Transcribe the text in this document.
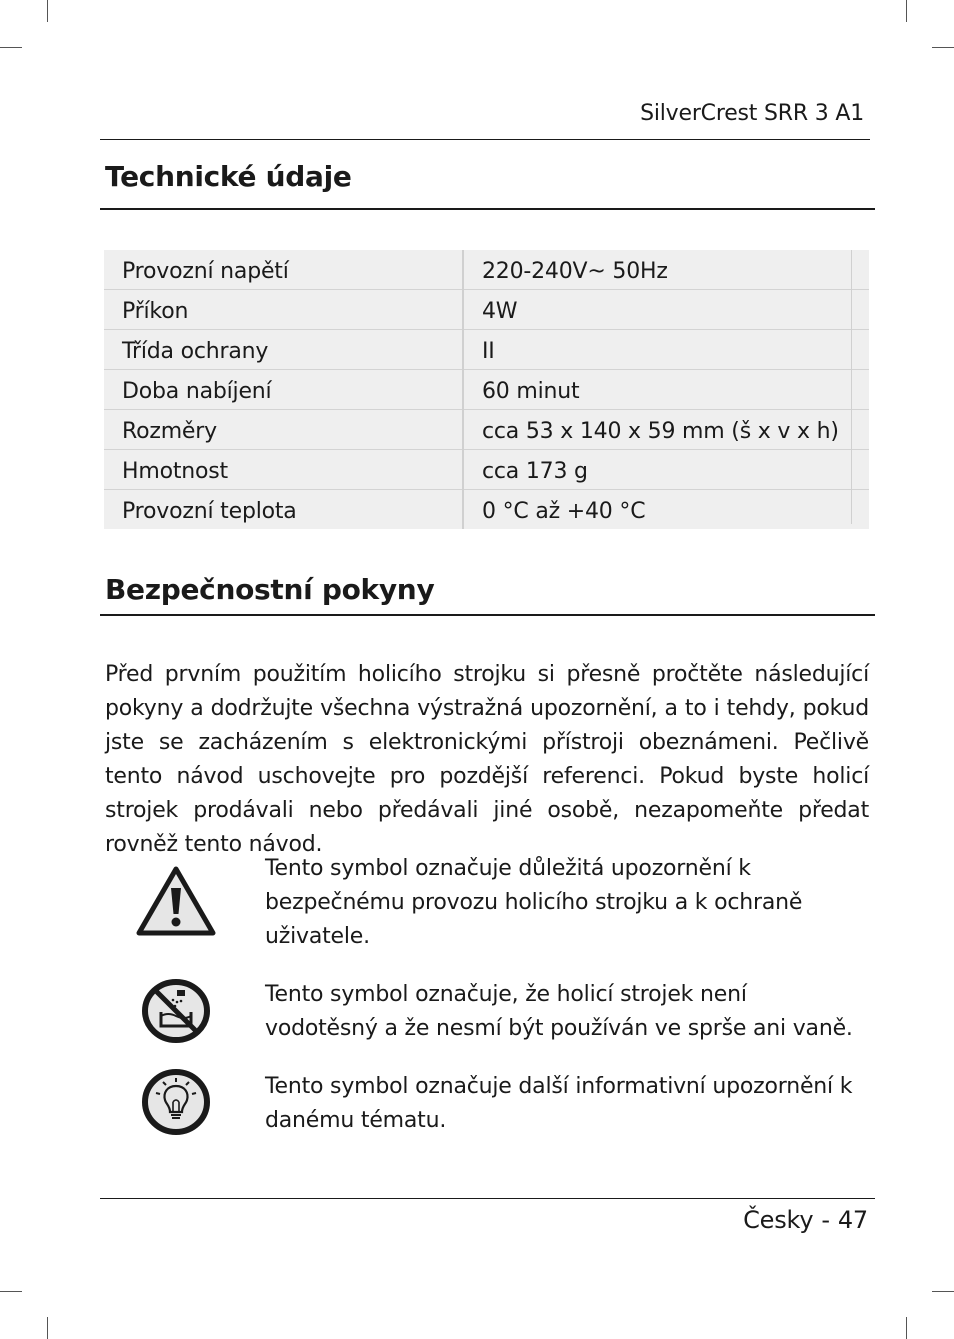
SilverCrest SRR 3 A1
Technické údaje
Provozní napětí	220-240V~ 50Hz
Příkon	4W
Třída ochrany	II
Doba nabíjení	60 minut
Rozměry	cca 53 x 140 x 59 mm (š x v x h)
Hmotnost	cca 173 g
Provozní teplota	0 °C až +40 °C
Bezpečnostní pokyny

Před prvním použitím holicího strojku si přesně pročtěte následující pokyny a dodržujte všechna výstražná upozornění, a to i tehdy, pokud jste se zacházením s elektronickými přístroji obeznámeni. Pečlivě tento návod uschovejte pro pozdější referenci. Pokud byste holicí strojek prodávali nebo předávali jiné osobě, nezapomeňte předat rovněž tento návod.

Tento symbol označuje důležitá upozornění k bezpečnému provozu holicího strojku a k ochraně uživatele.

Tento symbol označuje, že holicí strojek není vodotěsný a že nesmí být používán ve sprše ani vaně.

Tento symbol označuje další informativní upozornění k danému tématu.

Česky - 47
